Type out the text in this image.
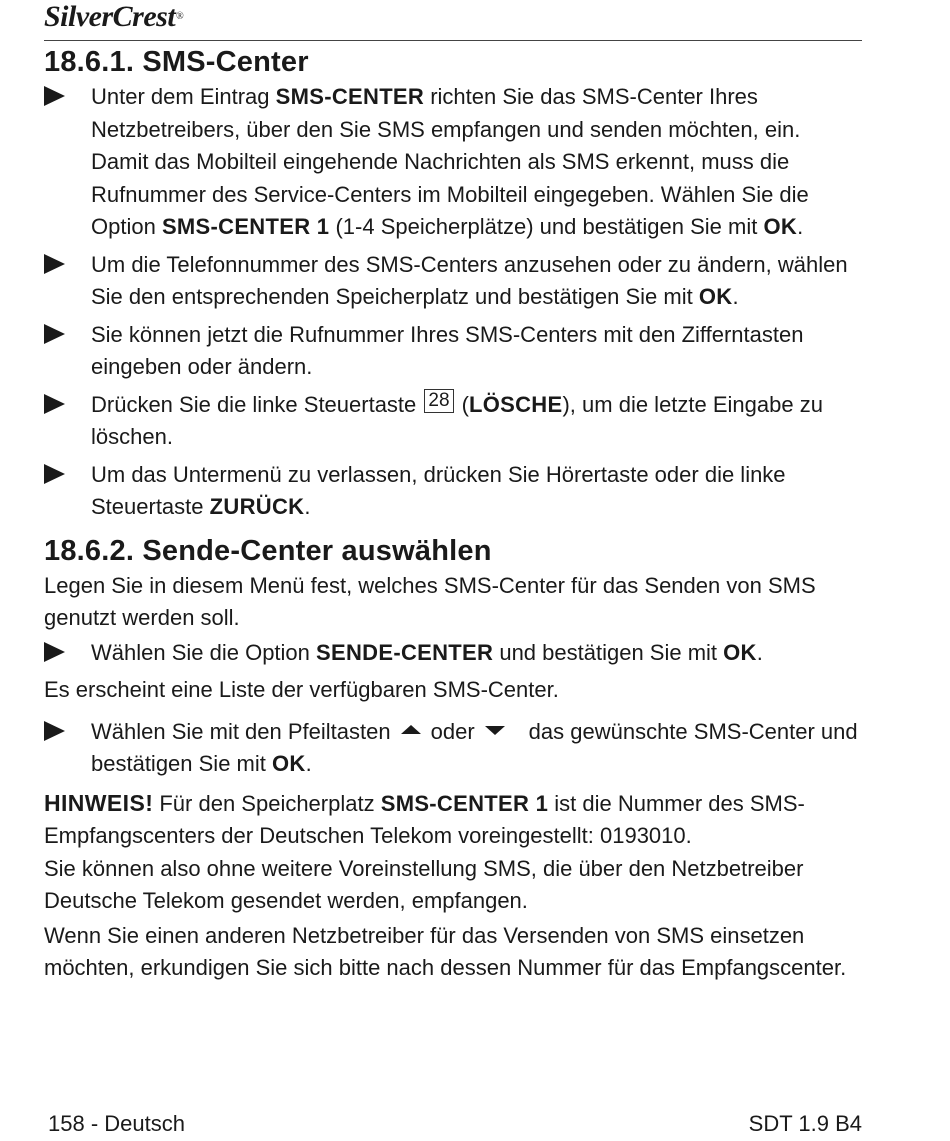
SilverCrest®
18.6.1. SMS-Center
Unter dem Eintrag SMS-CENTER richten Sie das SMS-Center Ihres Netzbetreibers, über den Sie SMS empfangen und senden möchten, ein. Damit das Mobilteil eingehende Nachrichten als SMS erkennt, muss die Rufnummer des Service-Centers im Mobilteil eingegeben. Wählen Sie die Option SMS-CENTER 1 (1-4 Speicherplätze) und bestätigen Sie mit OK.
Um die Telefonnummer des SMS-Centers anzusehen oder zu ändern, wählen Sie den entsprechenden Speicherplatz und bestätigen Sie mit OK.
Sie können jetzt die Rufnummer Ihres SMS-Centers mit den Zifferntasten eingeben oder ändern.
Drücken Sie die linke Steuertaste 28 (LÖSCHE), um die letzte Eingabe zu löschen.
Um das Untermenü zu verlassen, drücken Sie Hörertaste oder die linke Steuertaste ZURÜCK.
18.6.2. Sende-Center auswählen

Legen Sie in diesem Menü fest, welches SMS-Center für das Senden von SMS genutzt werden soll.

Wählen Sie die Option SENDE-CENTER und bestätigen Sie mit OK.

Es erscheint eine Liste der verfügbaren SMS-Center.

Wählen Sie mit den Pfeiltasten oder das gewünschte SMS-Center und bestätigen Sie mit OK.

HINWEIS! Für den Speicherplatz SMS-CENTER 1 ist die Nummer des SMS-Empfangscenters der Deutschen Telekom voreingestellt: 0193010.

Sie können also ohne weitere Voreinstellung SMS, die über den Netzbetreiber Deutsche Telekom gesendet werden, empfangen.

Wenn Sie einen anderen Netzbetreiber für das Versenden von SMS einsetzen möchten, erkundigen Sie sich bitte nach dessen Nummer für das Empfangscenter.

158 - Deutsch	SDT 1.9 B4
